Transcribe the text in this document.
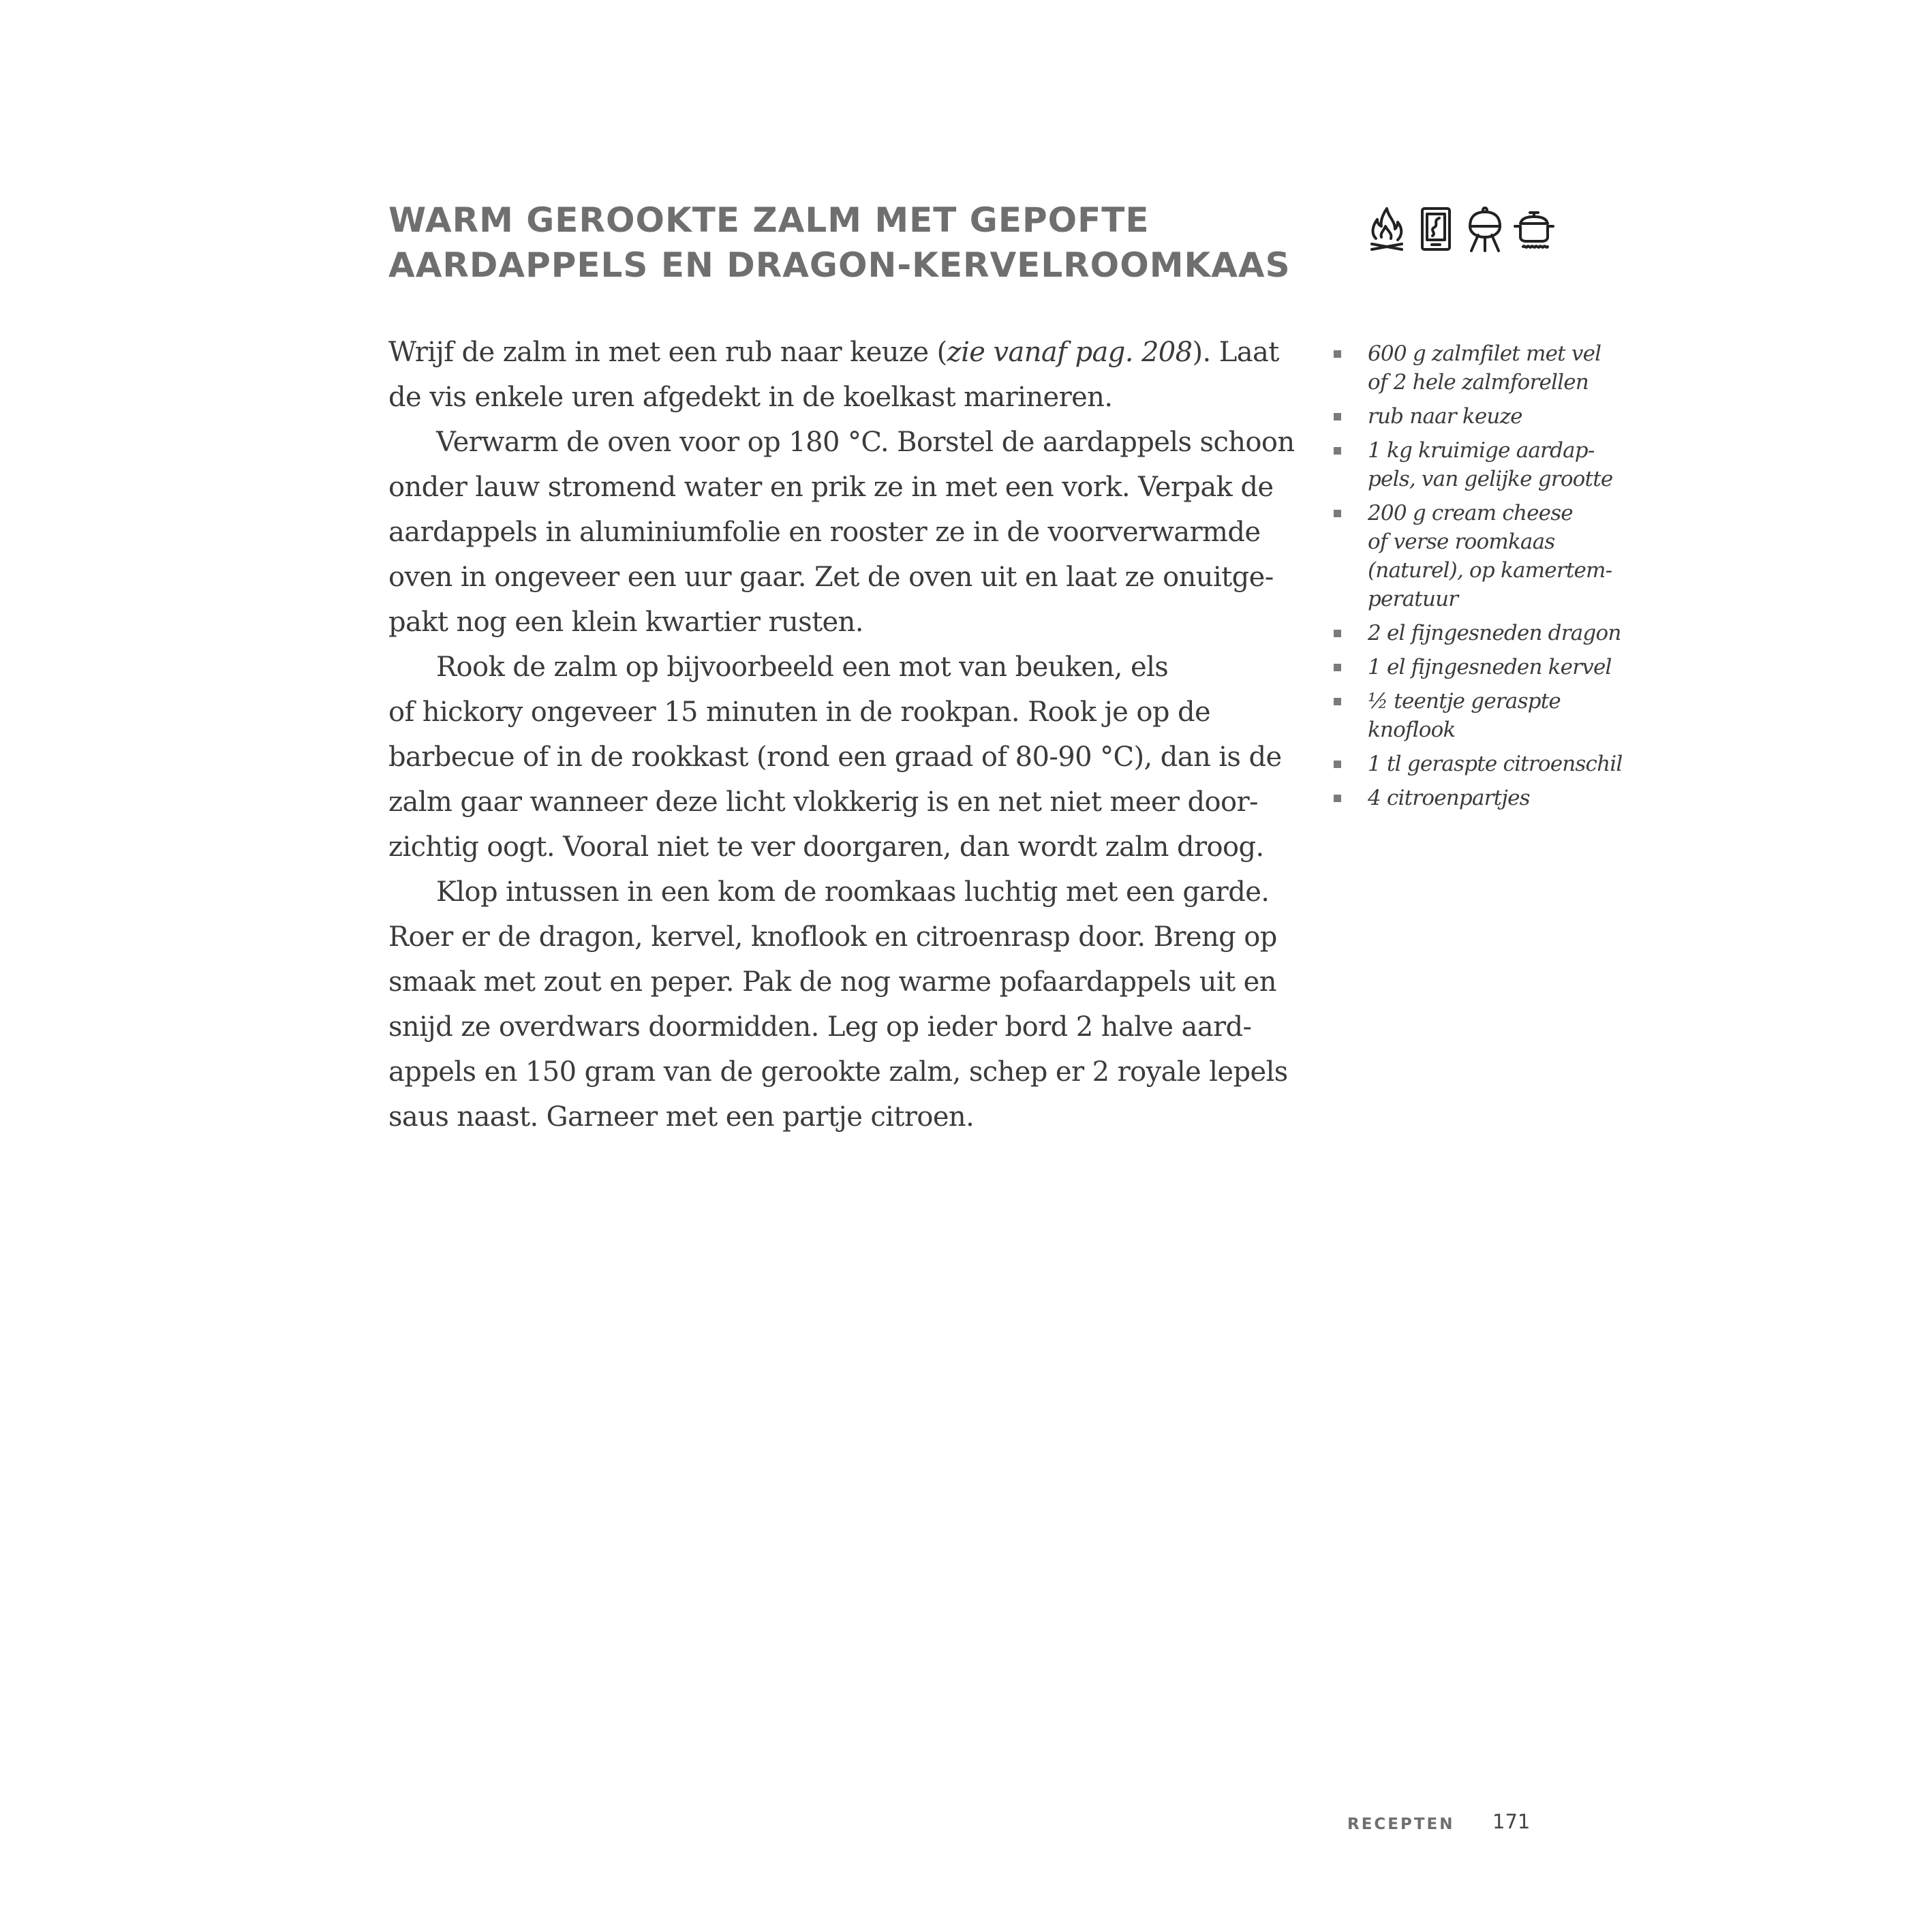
WARM GEROOKTE ZALM MET GEPOFTE
AARDAPPELS EN DRAGON-KERVELROOMKAAS
Wrijf de zalm in met een rub naar keuze (zie vanaf pag. 208). Laat
de vis enkele uren afgedekt in de koelkast marineren.
Verwarm de oven voor op 180 °C. Borstel de aardappels schoon
onder lauw stromend water en prik ze in met een vork. Verpak de
aardappels in aluminiumfolie en rooster ze in de voorverwarmde
oven in ongeveer een uur gaar. Zet de oven uit en laat ze onuitge-
pakt nog een klein kwartier rusten.
Rook de zalm op bijvoorbeeld een mot van beuken, els
of hickory ongeveer 15 minuten in de rookpan. Rook je op de
barbecue of in de rookkast (rond een graad of 80-90 °C), dan is de
zalm gaar wanneer deze licht vlokkerig is en net niet meer door-
zichtig oogt. Vooral niet te ver doorgaren, dan wordt zalm droog.
Klop intussen in een kom de roomkaas luchtig met een garde.
Roer er de dragon, kervel, knoflook en citroenrasp door. Breng op
smaak met zout en peper. Pak de nog warme pofaardappels uit en
snijd ze overdwars doormidden. Leg op ieder bord 2 halve aard-
appels en 150 gram van de gerookte zalm, schep er 2 royale lepels
saus naast. Garneer met een partje citroen.
600 g zalmfilet met vel
of 2 hele zalmforellen
rub naar keuze
1 kg kruimige aardap-
pels, van gelijke grootte
200 g cream cheese
of verse roomkaas
(naturel), op kamertem-
peratuur
2 el fijngesneden dragon
1 el fijngesneden kervel
½ teentje geraspte
knoflook
1 tl geraspte citroenschil
4 citroenpartjes
RECEPTEN 171
